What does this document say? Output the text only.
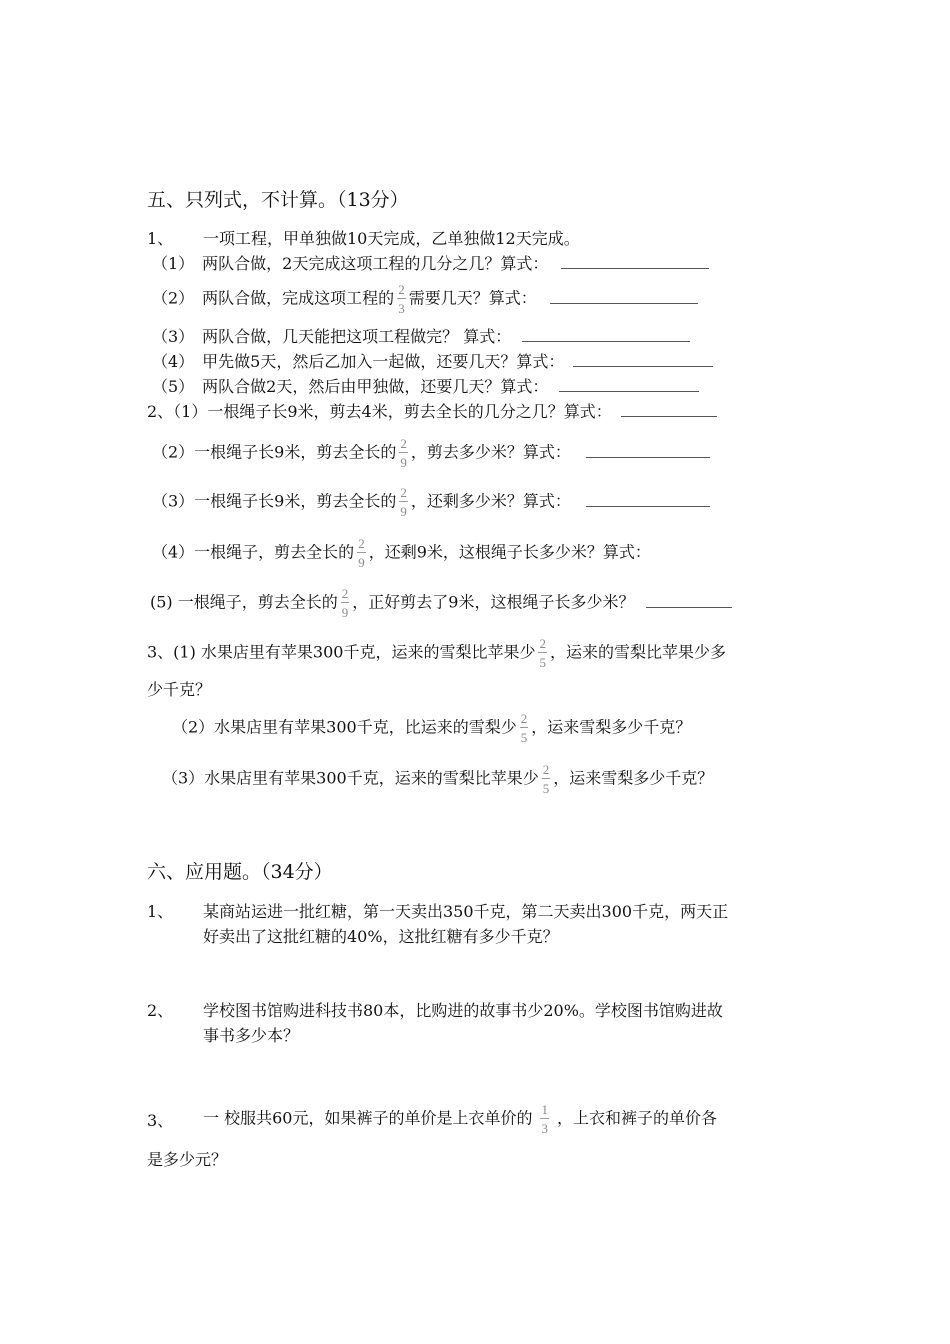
五、只列式，不计算。（13分）
1、 一项工程，甲单独做10天完成，乙单独做12天完成。
（1）　两队合做，2天完成这项工程的几分之几？算式：
（2）　两队合做，完成这项工程的 $\frac{2}{3}$ 需要几天？算式：
（3）　两队合做，几天能把这项工程做完？ 算式：
（4）　甲先做5天，然后乙加入一起做，还要几天？算式：
（5）　两队合做2天，然后由甲独做，还要几天？算式：
2、（1）一根绳子长9米，剪去4米，剪去全长的几分之几？算式：
（2）一根绳子长9米，剪去全长的 $\frac{2}{9}$ ，剪去多少米？算式：
（3）一根绳子长9米，剪去全长的 $\frac{2}{9}$ ，还剩多少米？算式：
（4）一根绳子，剪去全长的 $\frac{2}{9}$ ，还剩9米，这根绳子长多少米？算式：
(5) 一根绳子，剪去全长的 $\frac{2}{9}$ ，正好剪去了9米，这根绳子长多少米？
3、(1) 水果店里有苹果300千克，运来的雪梨比苹果少 $\frac{2}{5}$ ，运来的雪梨比苹果少多
少千克？
（2）水果店里有苹果300千克，比运来的雪梨少 $\frac{2}{5}$ ，运来雪梨多少千克？
（3）水果店里有苹果300千克，运来的雪梨比苹果少 $\frac{2}{5}$ ，运来雪梨多少千克？
六、应用题。（34分）
1、 某商站运进一批红糖，第一天卖出350千克，第二天卖出300千克，两天正
好卖出了这批红糖的40%，这批红糖有多少千克？
2、 学校图书馆购进科技书80本，比购进的故事书少20%。学校图书馆购进故
事书多少本？
3、 一 校服共60元，如果裤子的单价是上衣单价的 $\frac{1}{3}$ ，上衣和裤子的单价各
是多少元？
